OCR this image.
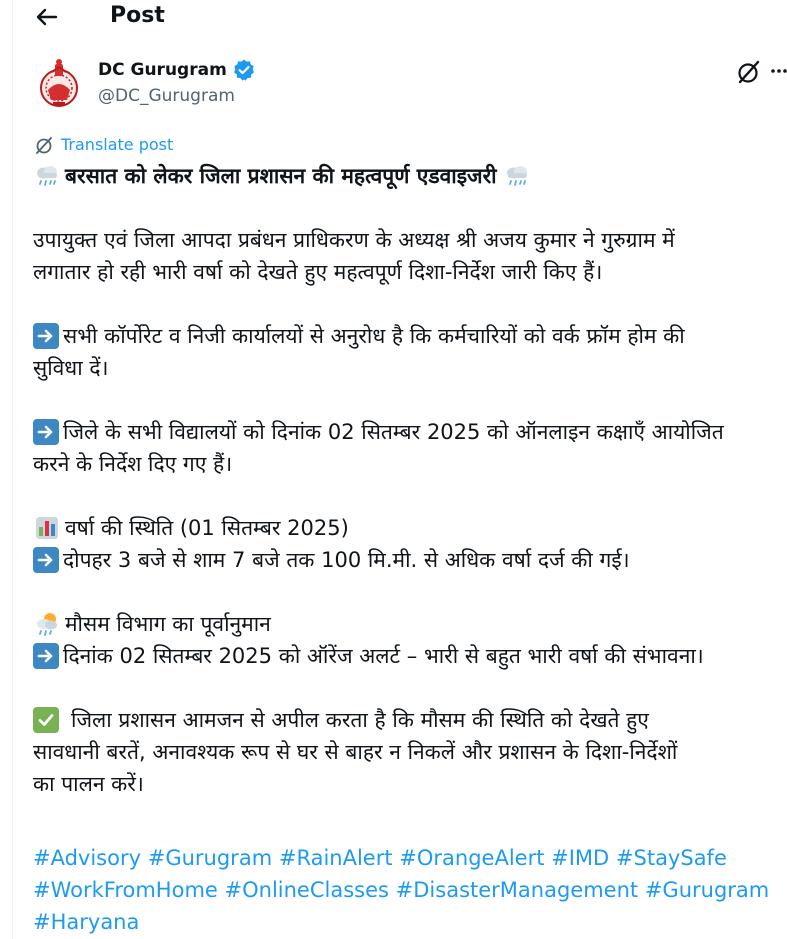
Post
DC Gurugram
@DC_Gurugram
Translate post
बरसात को लेकर जिला प्रशासन की महत्वपूर्ण एडवाइजरी
उपायुक्त एवं जिला आपदा प्रबंधन प्राधिकरण के अध्यक्ष श्री अजय कुमार ने गुरुग्राम में
लगातार हो रही भारी वर्षा को देखते हुए महत्वपूर्ण दिशा-निर्देश जारी किए हैं।
सभी कॉर्पोरेट व निजी कार्यालयों से अनुरोध है कि कर्मचारियों को वर्क फ्रॉम होम की
सुविधा दें।
जिले के सभी विद्यालयों को दिनांक 02 सितम्बर 2025 को ऑनलाइन कक्षाएँ आयोजित
करने के निर्देश दिए गए हैं।
वर्षा की स्थिति (01 सितम्बर 2025)
दोपहर 3 बजे से शाम 7 बजे तक 100 मि.मी. से अधिक वर्षा दर्ज की गई।
मौसम विभाग का पूर्वानुमान
दिनांक 02 सितम्बर 2025 को ऑरेंज अलर्ट – भारी से बहुत भारी वर्षा की संभावना।
जिला प्रशासन आमजन से अपील करता है कि मौसम की स्थिति को देखते हुए
सावधानी बरतें, अनावश्यक रूप से घर से बाहर न निकलें और प्रशासन के दिशा-निर्देशों
का पालन करें।
#Advisory #Gurugram #RainAlert #OrangeAlert #IMD #StaySafe
#WorkFromHome #OnlineClasses #DisasterManagement #Gurugram
#Haryana
